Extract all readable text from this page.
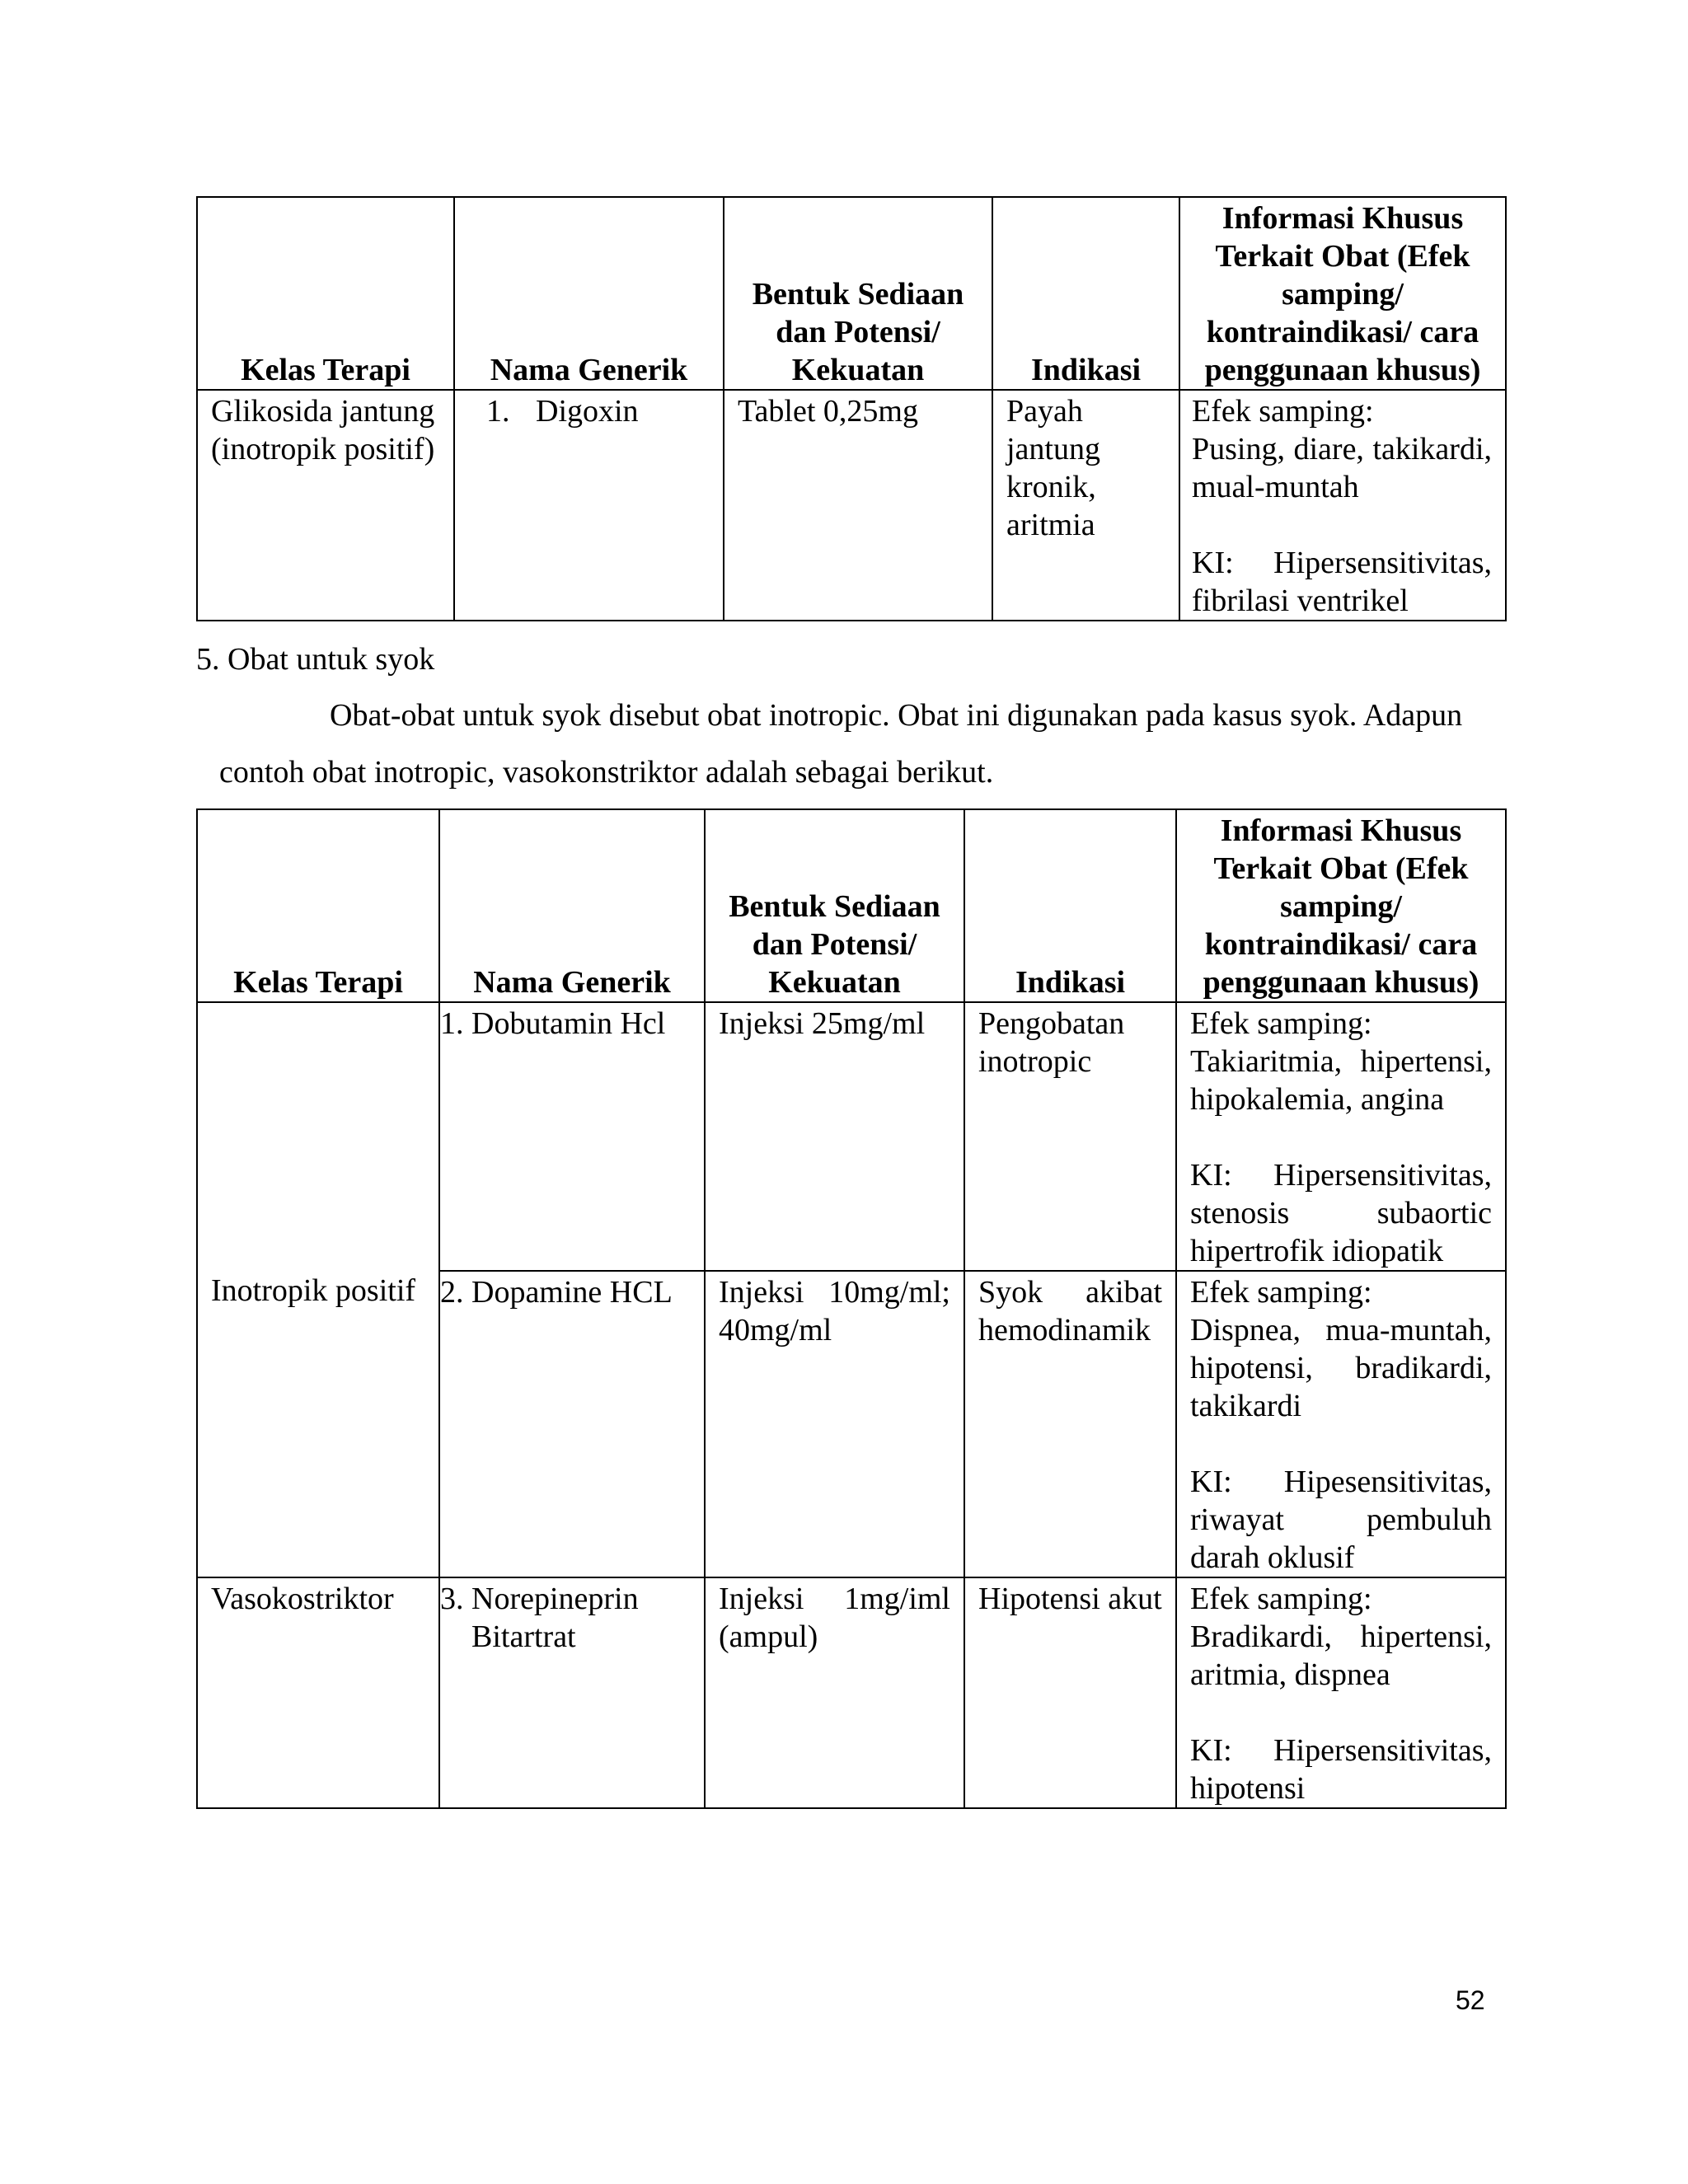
Kelas Terapi	Nama Generik	Bentuk Sediaan dan Potensi/ Kekuatan	Indikasi	Informasi Khusus Terkait Obat (Efek samping/ kontraindikasi/ cara penggunaan khusus)
Glikosida jantung (inotropik positif)	1. Digoxin	Tablet 0,25mg	Payah jantung kronik, aritmia	Efek samping:
Pusing, diare, takikardi, mual-muntah
KI: Hipersensitivitas, fibrilasi ventrikel
5. Obat untuk syok
Obat-obat untuk syok disebut obat inotropic. Obat ini digunakan pada kasus syok. Adapun
contoh obat inotropic, vasokonstriktor adalah sebagai berikut.
Kelas Terapi	Nama Generik	Bentuk Sediaan dan Potensi/ Kekuatan	Indikasi	Informasi Khusus Terkait Obat (Efek samping/ kontraindikasi/ cara penggunaan khusus)
Inotropik positif	1. Dobutamin Hcl	Injeksi 25mg/ml	Pengobatan inotropic	Efek samping:
Takiaritmia, hipertensi, hipokalemia, angina
KI: Hipersensitivitas, stenosis subaortic hipertrofik idiopatik

	2. Dopamine HCL	Injeksi 10mg/ml; 40mg/ml	Syok akibat hemodinamik	Efek samping:
Dispnea, mua-muntah, hipotensi, bradikardi, takikardi
KI: Hipesensitivitas, riwayat pembuluh darah oklusif

Vasokostriktor	3. Norepineprin Bitartrat	Injeksi 1mg/iml (ampul)	Hipotensi akut	Efek samping:
Bradikardi, hipertensi, aritmia, dispnea
KI: Hipersensitivitas, hipotensi
52
